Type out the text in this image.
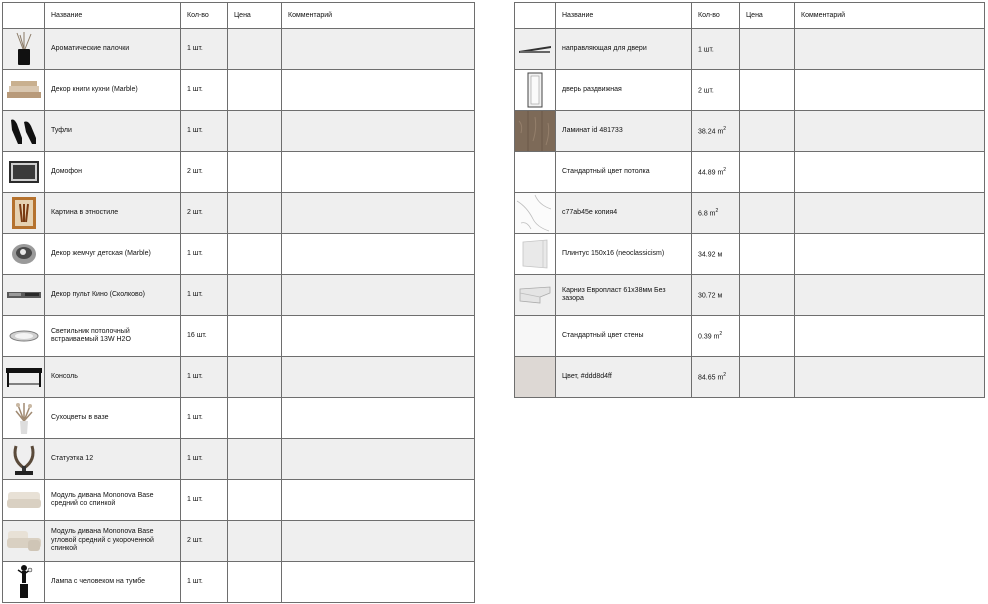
	Название	Кол-во	Цена	Комментарий

	Ароматические палочки	1 шт.		

	Декор книги кухни (Marble)	1 шт.		

	Туфли	1 шт.		

	Домофон	2 шт.		

	Картина в этностиле	2 шт.		

	Декор жемчуг детская (Marble)	1 шт.		

	Декор пульт Кино (Сколково)	1 шт.		

	Светильник потолочный встраиваемый 13W H2O	16 шт.		

	Консоль	1 шт.		

	Сухоцветы в вазе	1 шт.		

	Статуэтка 12	1 шт.		

	Модуль дивана Mononova Base средний со спинкой	1 шт.		

	Модуль дивана Mononova Base угловой средний с укороченной спинкой	2 шт.		

	Лампа с человеком на тумбе	1 шт.		
	Название	Кол-во	Цена	Комментарий

	направляющая для двери	1 шт.		

	дверь раздвижная	2 шт.		

	Ламинат id 481733	38.24 $m^2$		

	Стандартный цвет потолка	44.89 $m^2$		

	c77ab45e копия4	6.8 $m^2$		

	Плинтус 150x16 (neoclassicism)	34.92 м		

	Карниз Европласт 61x38мм Без зазора	30.72 м		

	Стандартный цвет стены	0.39 $m^2$		

	Цвет, #ddd8d4ff	84.65 $m^2$		
